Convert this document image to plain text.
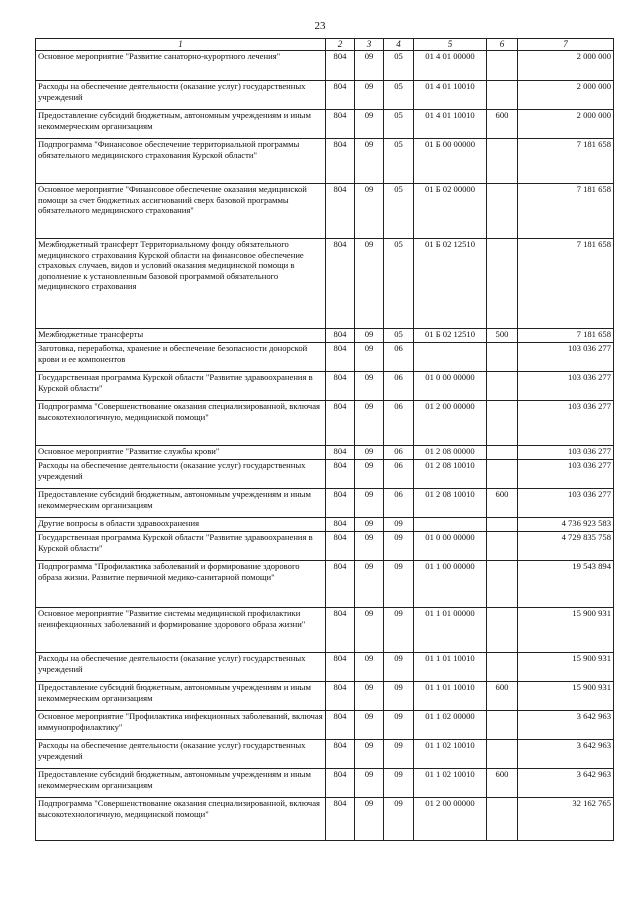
23
1	2	3	4	5	6	7
Основное мероприятие "Развитие санаторно-курортного лечения"	804	09	05	01 4 01 00000		2 000 000
Расходы на обеспечение деятельности (оказание услуг) государственных учреждений	804	09	05	01 4 01 10010		2 000 000
Предоставление субсидий бюджетным, автономным учреждениям и иным некоммерческим организациям	804	09	05	01 4 01 10010	600	2 000 000
Подпрограмма "Финансовое обеспечение территориальной программы обязательного медицинского страхования Курской области"	804	09	05	01 Б 00 00000		7 181 658
Основное мероприятие "Финансовое обеспечение оказания медицинской помощи за счет бюджетных ассигнований сверх базовой программы обязательного медицинского страхования"	804	09	05	01 Б 02 00000		7 181 658
Межбюджетный трансферт Территориальному фонду обязательного медицинского страхования Курской области на финансовое обеспечение страховых случаев, видов и условий оказания медицинской помощи в дополнение к установленным базовой программой обязательного медицинского страхования	804	09	05	01 Б 02 12510		7 181 658
Межбюджетные трансферты	804	09	05	01 Б 02 12510	500	7 181 658
Заготовка, переработка, хранение и обеспечение безопасности донорской крови и ее компонентов	804	09	06			103 036 277
Государственная программа Курской области "Развитие здравоохранения в Курской области"	804	09	06	01 0 00 00000		103 036 277
Подпрограмма "Совершенствование оказания специализированной, включая высокотехнологичную, медицинской помощи"	804	09	06	01 2 00 00000		103 036 277
Основное мероприятие "Развитие службы крови"	804	09	06	01 2 08 00000		103 036 277
Расходы на обеспечение деятельности (оказание услуг) государственных учреждений	804	09	06	01 2 08 10010		103 036 277
Предоставление субсидий бюджетным, автономным учреждениям и иным некоммерческим организациям	804	09	06	01 2 08 10010	600	103 036 277
Другие вопросы в области здравоохранения	804	09	09			4 736 923 583
Государственная программа Курской области "Развитие здравоохранения в Курской области"	804	09	09	01 0 00 00000		4 729 835 758
Подпрограмма "Профилактика заболеваний и формирование здорового образа жизни. Развитие первичной медико-санитарной помощи"	804	09	09	01 1 00 00000		19 543 894
Основное мероприятие "Развитие системы медицинской профилактики неинфекционных заболеваний и формирование здорового образа жизни"	804	09	09	01 1 01 00000		15 900 931
Расходы на обеспечение деятельности (оказание услуг) государственных учреждений	804	09	09	01 1 01 10010		15 900 931
Предоставление субсидий бюджетным, автономным учреждениям и иным некоммерческим организациям	804	09	09	01 1 01 10010	600	15 900 931
Основное мероприятие "Профилактика инфекционных заболеваний, включая иммунопрофилактику"	804	09	09	01 1 02 00000		3 642 963
Расходы на обеспечение деятельности (оказание услуг) государственных учреждений	804	09	09	01 1 02 10010		3 642 963
Предоставление субсидий бюджетным, автономным учреждениям и иным некоммерческим организациям	804	09	09	01 1 02 10010	600	3 642 963
Подпрограмма "Совершенствование оказания специализированной, включая высокотехнологичную, медицинской помощи"	804	09	09	01 2 00 00000		32 162 765
